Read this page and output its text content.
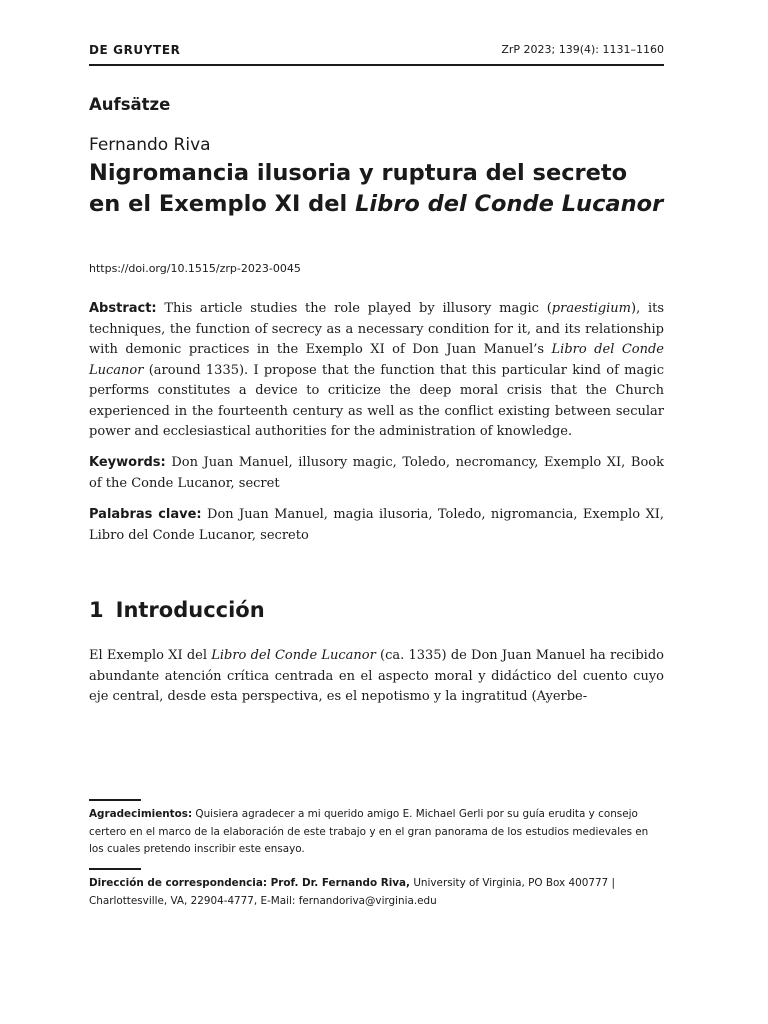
DE GRUYTER	ZrP 2023; 139(4): 1131–1160
Aufsätze
Fernando Riva
Nigromancia ilusoria y ruptura del secreto
en el Exemplo XI del Libro del Conde Lucanor
https://doi.org/10.1515/zrp-2023-0045

Abstract: This article studies the role played by illusory magic (praestigium), its techniques, the function of secrecy as a necessary condition for it, and its relationship with demonic practices in the Exemplo XI of Don Juan Manuel’s Libro del Conde Lucanor (around 1335). I propose that the function that this particular kind of magic performs constitutes a device to criticize the deep moral crisis that the Church experienced in the fourteenth century as well as the conflict existing between secular power and ecclesiastical authorities for the administration of knowledge.

Keywords: Don Juan Manuel, illusory magic, Toledo, necromancy, Exemplo XI, Book of the Conde Lucanor, secret

Palabras clave: Don Juan Manuel, magia ilusoria, Toledo, nigromancia, Exemplo XI, Libro del Conde Lucanor, secreto

1 Introducción

El Exemplo XI del Libro del Conde Lucanor (ca. 1335) de Don Juan Manuel ha recibido abundante atención crítica centrada en el aspecto moral y didáctico del cuento cuyo eje central, desde esta perspectiva, es el nepotismo y la ingratitud (Ayerbe-

Agradecimientos: Quisiera agradecer a mi querido amigo E. Michael Gerli por su guía erudita y consejo certero en el marco de la elaboración de este trabajo y en el gran panorama de los estudios medievales en los cuales pretendo inscribir este ensayo.

Dirección de correspondencia: Prof. Dr. Fernando Riva, University of Virginia, PO Box 400777 | Charlottesville, VA, 22904-4777, E-Mail: fernandoriva@virginia.edu
